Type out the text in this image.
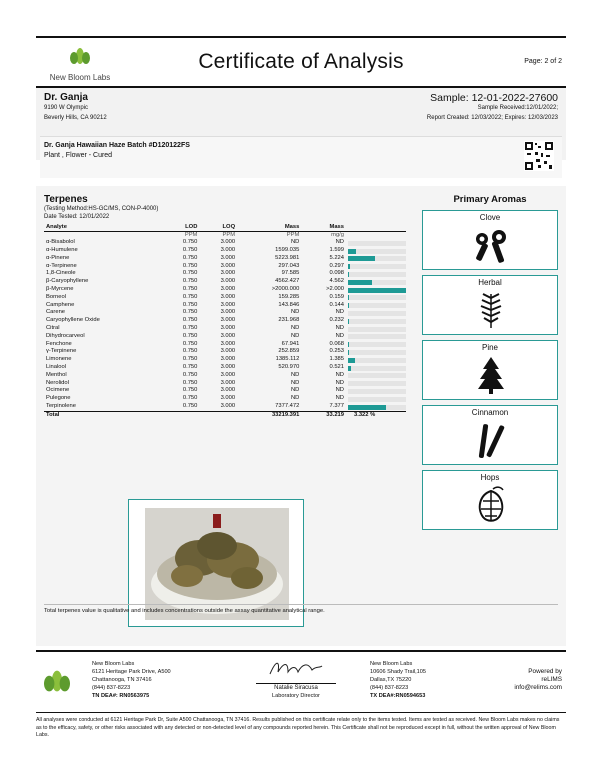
New Bloom Labs
Certificate of Analysis	Page: 2 of 2
Dr. Ganja
9190 W Olympic
Beverly Hills, CA 90212
Sample: 12-01-2022-27600
Sample Received:12/01/2022;
Report Created: 12/03/2022; Expires: 12/03/2023
Dr. Ganja Hawaiian Haze Batch #D120122FS
Plant , Flower - Cured
Terpenes
(Testing Method:HS-GC/MS, CON-P-4000)
Date Tested: 12/01/2022
Analyte	LOD	LOQ	Mass	Mass	
	PPM	PPM	PPM	mg/g	
α-Bisabolol	0.750	3.000	ND	ND	

α-Humulene	0.750	3.000	1599.035	1.599	

α-Pinene	0.750	3.000	5223.981	5.224	

α-Terpinene	0.750	3.000	297.043	0.297	

1,8-Cineole	0.750	3.000	97.585	0.098	

β-Caryophyllene	0.750	3.000	4562.427	4.562	

β-Myrcene	0.750	3.000	>2000.000	>2.000	

Borneol	0.750	3.000	159.285	0.159	

Camphene	0.750	3.000	143.846	0.144	

Carene	0.750	3.000	ND	ND	

Caryophyllene Oxide	0.750	3.000	231.968	0.232	

Citral	0.750	3.000	ND	ND	

Dihydrocarveol	0.750	3.000	ND	ND	

Fenchone	0.750	3.000	67.941	0.068	

γ-Terpinene	0.750	3.000	252.859	0.253	

Limonene	0.750	3.000	1385.112	1.385	

Linalool	0.750	3.000	520.970	0.521	

Menthol	0.750	3.000	ND	ND	

Nerolidol	0.750	3.000	ND	ND	

Ocimene	0.750	3.000	ND	ND	

Pulegone	0.750	3.000	ND	ND	

Terpinolene	0.750	3.000	7377.472	7.377	

Total			33219.391	33.219	3.322 %
Primary Aromas
Clove
Herbal
Pine
Cinnamon
Hops
Total terpenes value is qualitative and includes concentrations outside the assay quantitative analytical range.
New Bloom Labs
6121 Heritage Park Drive, A500
Chattanooga, TN 37416
(844) 837-8223
TN DEA#: RN0563975
Natalie Siracusa
Laboratory Director
New Bloom Labs
10606 Shady Trail,105
Dallas,TX 75220
(844) 837-8223
TX DEA#:RN0594653
Powered by
reLIMS
info@relims.com
All analyses were conducted at 6121 Heritage Park Dr, Suite A500 Chattanooga, TN 37416. Results published on this certificate relate only to the items tested. Items are tested as received. New Bloom Labs makes no claims as to the efficacy, safety, or other risks associated with any detected or non-detected level of any compounds reported herein. This Certificate shall not be reproduced except in full, without the written approval of New Bloom Labs.
